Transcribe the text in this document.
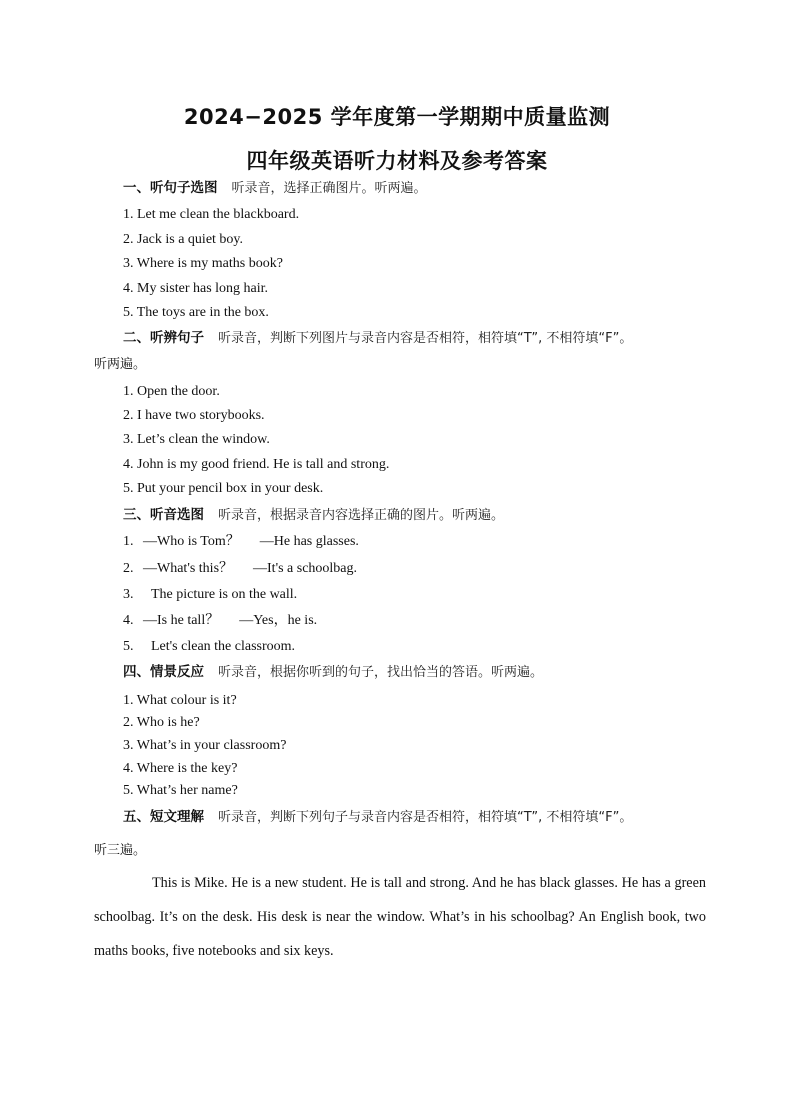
2024−2025 学年度第一学期期中质量监测
四年级英语听力材料及参考答案
一、听句子选图 听录音，选择正确图片。听两遍。
1. Let me clean the blackboard.
2. Jack is a quiet boy.
3. Where is my maths book?
4. My sister has long hair.
5. The toys are in the box.
二、听辨句子 听录音，判断下列图片与录音内容是否相符，相符填“T”, 不相符填“F”。
听两遍。
1. Open the door.
2. I have two storybooks.
3. Let’s clean the window.
4. John is my good friend. He is tall and strong.
5. Put your pencil box in your desk.
三、听音选图 听录音，根据录音内容选择正确的图片。听两遍。
1. —Who is Tom？ —He has glasses.
2. —What's this？ —It's a schoolbag.
3. The picture is on the wall.
4. —Is he tall？ —Yes，he is.
5. Let's clean the classroom.
四、情景反应 听录音，根据你听到的句子，找出恰当的答语。听两遍。
1. What colour is it?
2. Who is he?
3. What’s in your classroom?
4. Where is the key?
5. What’s her name?
五、短文理解 听录音，判断下列句子与录音内容是否相符，相符填“T”, 不相符填“F”。
听三遍。
This is Mike. He is a new student. He is tall and strong. And he has black glasses. He has a green schoolbag. It’s on the desk. His desk is near the window. What’s in his schoolbag? An English book, two maths books, five notebooks and six keys.
